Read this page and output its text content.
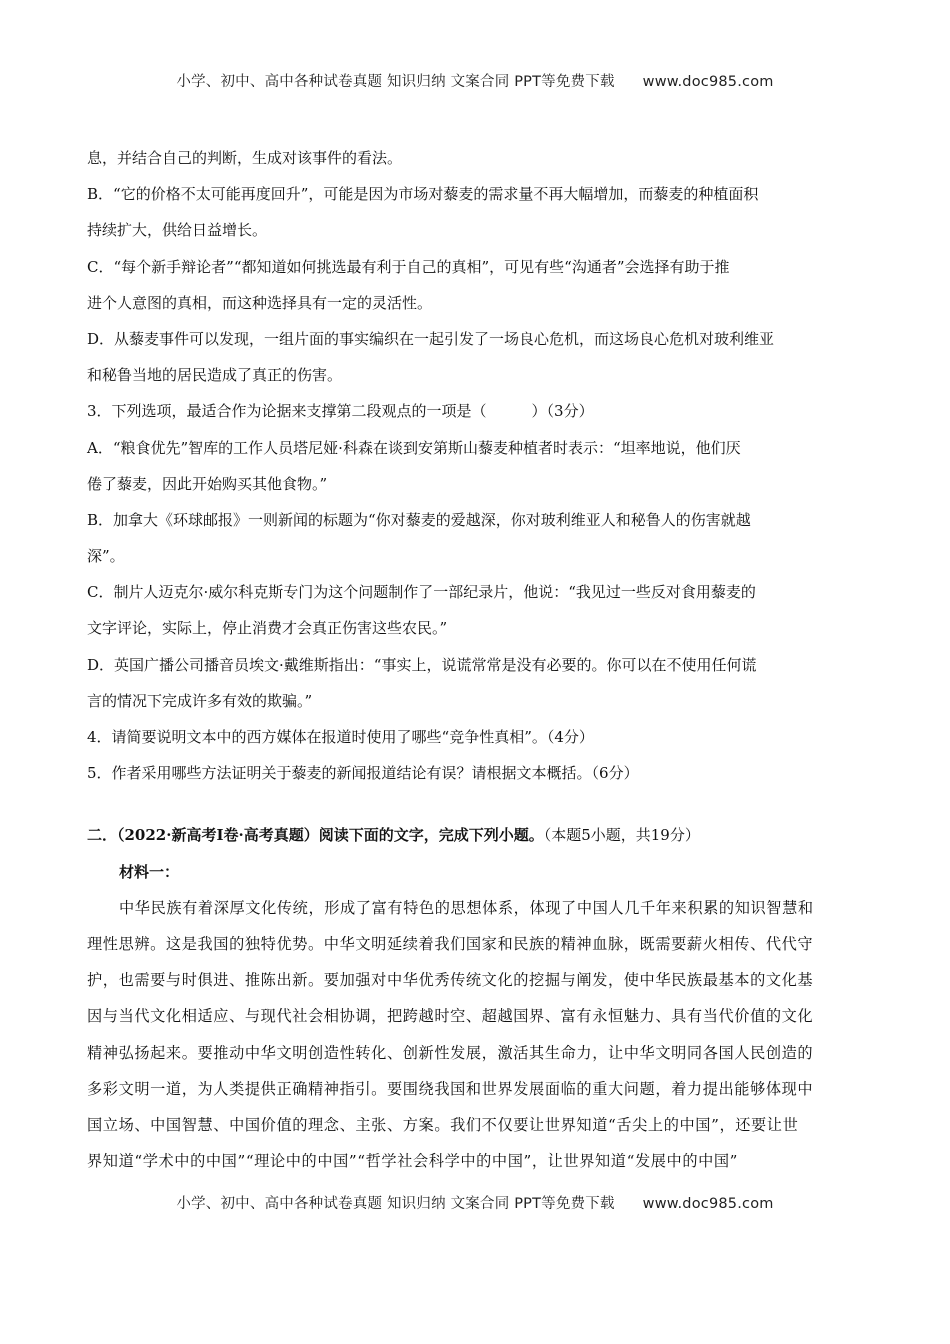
小学、初中、高中各种试卷真题 知识归纳 文案合同 PPT等免费下载 www.doc985.com

息，并结合自己的判断，生成对该事件的看法。

B．“它的价格不太可能再度回升”，可能是因为市场对藜麦的需求量不再大幅增加，而藜麦的种植面积

持续扩大，供给日益增长。

C．“每个新手辩论者”“都知道如何挑选最有利于自己的真相”，可见有些“沟通者”会选择有助于推

进个人意图的真相，而这种选择具有一定的灵活性。

D．从藜麦事件可以发现，一组片面的事实编织在一起引发了一场良心危机，而这场良心危机对玻利维亚

和秘鲁当地的居民造成了真正的伤害。

3．下列选项，最适合作为论据来支撑第二段观点的一项是（　　　）（3分）

A．“粮食优先”智库的工作人员塔尼娅·科森在谈到安第斯山藜麦种植者时表示：“坦率地说，他们厌

倦了藜麦，因此开始购买其他食物。”

B．加拿大《环球邮报》一则新闻的标题为“你对藜麦的爱越深，你对玻利维亚人和秘鲁人的伤害就越

深”。

C．制片人迈克尔·威尔科克斯专门为这个问题制作了一部纪录片，他说：“我见过一些反对食用藜麦的

文字评论，实际上，停止消费才会真正伤害这些农民。”

D．英国广播公司播音员埃文·戴维斯指出：“事实上，说谎常常是没有必要的。你可以在不使用任何谎

言的情况下完成许多有效的欺骗。”

4．请简要说明文本中的西方媒体在报道时使用了哪些“竞争性真相”。（4分）

5．作者采用哪些方法证明关于藜麦的新闻报道结论有误？请根据文本概括。（6分）

二．（2022·新高考Ⅰ卷·高考真题）阅读下面的文字，完成下列小题。（本题5小题，共19分）

材料一：

中华民族有着深厚文化传统，形成了富有特色的思想体系，体现了中国人几千年来积累的知识智慧和

理性思辨。这是我国的独特优势。中华文明延续着我们国家和民族的精神血脉，既需要薪火相传、代代守

护，也需要与时俱进、推陈出新。要加强对中华优秀传统文化的挖掘与阐发，使中华民族最基本的文化基

因与当代文化相适应、与现代社会相协调，把跨越时空、超越国界、富有永恒魅力、具有当代价值的文化

精神弘扬起来。要推动中华文明创造性转化、创新性发展，激活其生命力，让中华文明同各国人民创造的

多彩文明一道，为人类提供正确精神指引。要围绕我国和世界发展面临的重大问题，着力提出能够体现中

国立场、中国智慧、中国价值的理念、主张、方案。我们不仅要让世界知道“舌尖上的中国”，还要让世

界知道“学术中的中国”“理论中的中国”“哲学社会科学中的中国”，让世界知道“发展中的中国”

小学、初中、高中各种试卷真题 知识归纳 文案合同 PPT等免费下载 www.doc985.com
